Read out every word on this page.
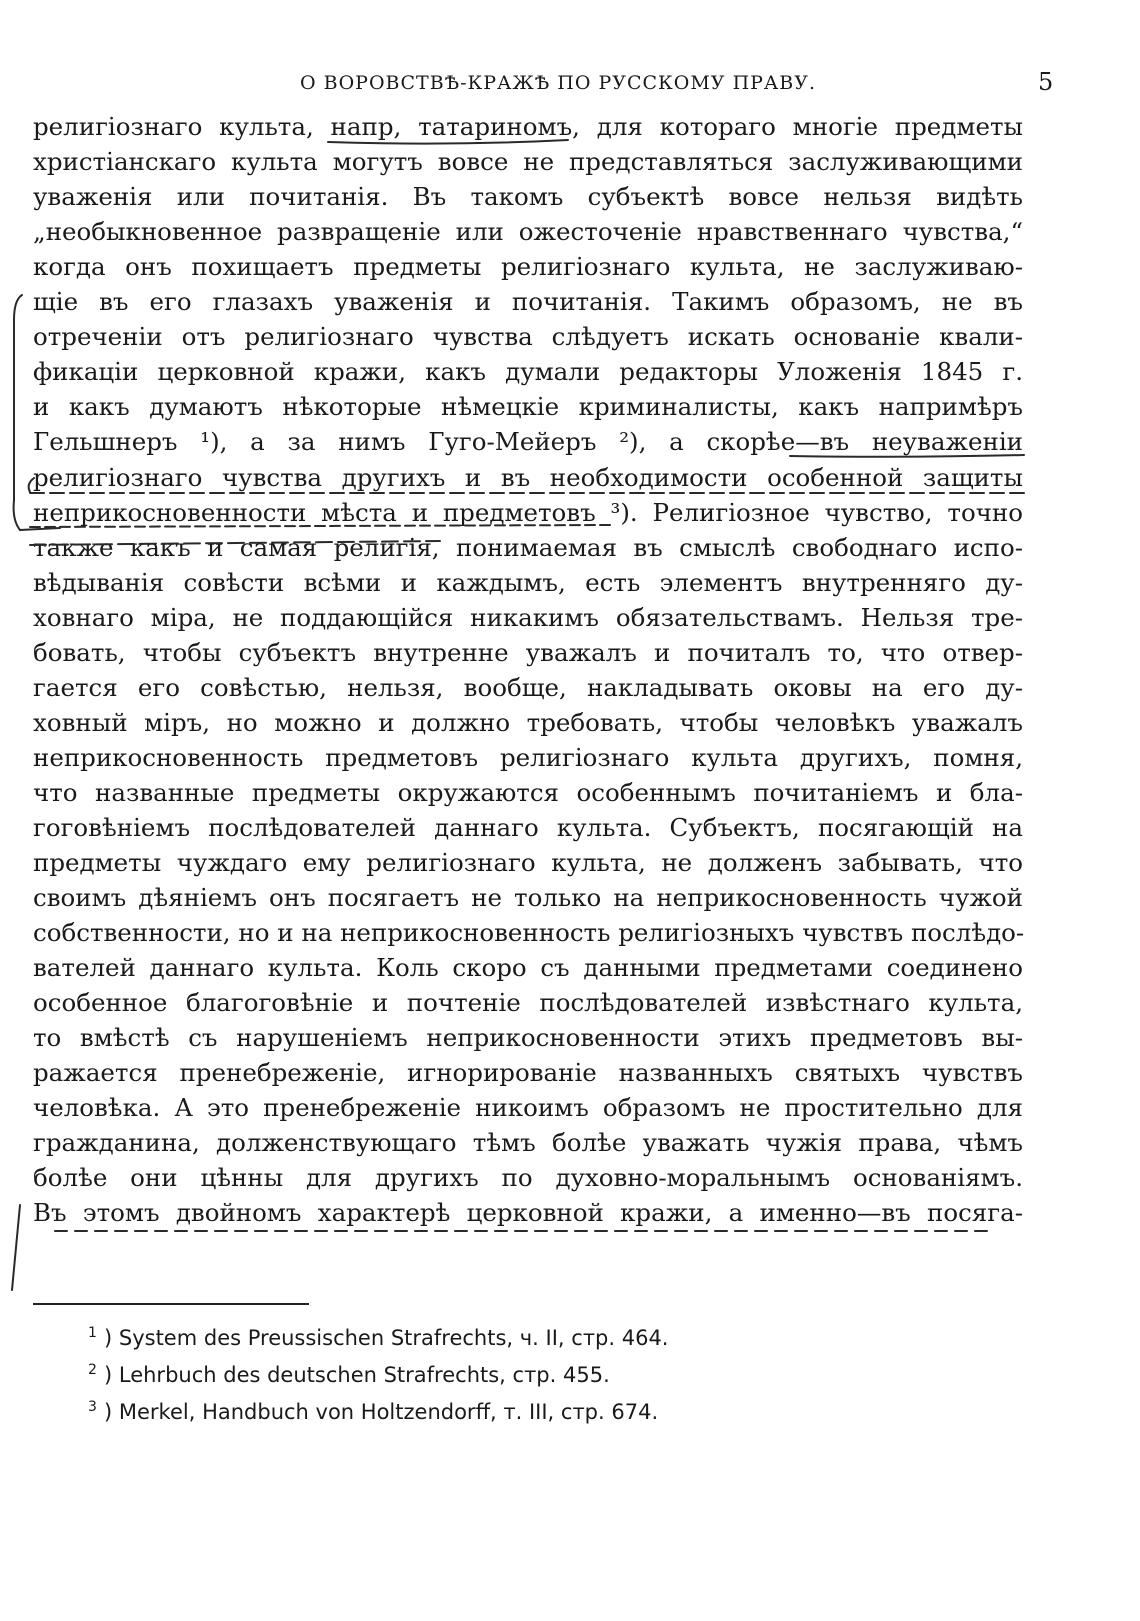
О ВОРОВСТВѢ-КРАЖѢ ПО РУССКОМУ ПРАВУ.	5
религіознаго культа, напр, татариномъ, для котораго многіе предметы
христіанскаго культа могутъ вовсе не представляться заслуживающими
уваженія или почитанія. Въ такомъ субъектѣ вовсе нельзя видѣть
„необыкновенное развращеніе или ожесточеніе нравственнаго чувства,“
когда онъ похищаетъ предметы религіознаго культа, не заслуживаю-
щіе въ его глазахъ уваженія и почитанія. Такимъ образомъ, не въ
отреченіи отъ религіознаго чувства слѣдуетъ искать основаніе квали-
фикаціи церковной кражи, какъ думали редакторы Уложенія 1845 г.
и какъ думаютъ нѣкоторые нѣмецкіе криминалисты, какъ напримѣръ
Гельшнеръ ¹), а за нимъ Гуго-Мейеръ ²), а скорѣе—въ неуваженіи
религіознаго чувства другихъ и въ необходимости особенной защиты
неприкосновенности мѣста и предметовъ ³). Религіозное чувство, точно
также какъ и самая религія, понимаемая въ смыслѣ свободнаго испо-
вѣдыванія совѣсти всѣми и каждымъ, есть элементъ внутренняго ду-
ховнаго міра, не поддающійся никакимъ обязательствамъ. Нельзя тре-
бовать, чтобы субъектъ внутренне уважалъ и почиталъ то, что отвер-
гается его совѣстью, нельзя, вообще, накладывать оковы на его ду-
ховный міръ, но можно и должно требовать, чтобы человѣкъ уважалъ
неприкосновенность предметовъ религіознаго культа другихъ, помня,
что названные предметы окружаются особеннымъ почитаніемъ и бла-
гоговѣніемъ послѣдователей даннаго культа. Субъектъ, посягающій на
предметы чуждаго ему религіознаго культа, не долженъ забывать, что
своимъ дѣяніемъ онъ посягаетъ не только на неприкосновенность чужой
собственности, но и на неприкосновенность религіозныхъ чувствъ послѣдо-
вателей даннаго культа. Коль скоро съ данными предметами соединено
особенное благоговѣніе и почтеніе послѣдователей извѣстнаго культа,
то вмѣстѣ съ нарушеніемъ неприкосновенности этихъ предметовъ вы-
ражается пренебреженіе, игнорированіе названныхъ святыхъ чувствъ
человѣка. А это пренебреженіе никоимъ образомъ не простительно для
гражданина, долженствующаго тѣмъ болѣе уважать чужія права, чѣмъ
болѣе они цѣнны для другихъ по духовно-моральнымъ основаніямъ.
Въ этомъ двойномъ характерѣ церковной кражи, а именно—въ посяга-
1 ) System des Preussischen Strafrechts, ч. II, стр. 464.
2 ) Lehrbuch des deutschen Strafrechts, стр. 455.
3 ) Merkel, Handbuch von Holtzendorff, т. III, стр. 674.
